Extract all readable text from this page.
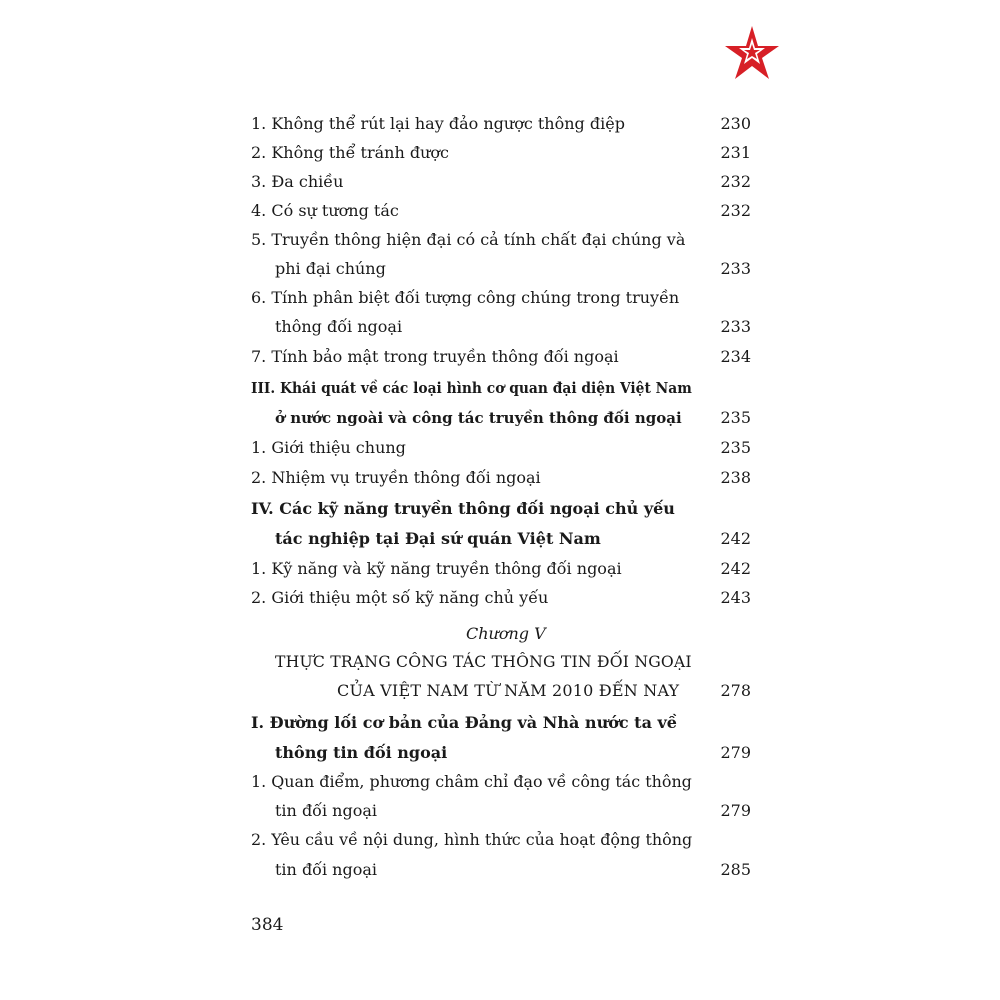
1. Không thể rút lại hay đảo ngược thông điệp	230
2. Không thể tránh được	231
3. Đa chiều	232
4. Có sự tương tác	232
5. Truyền thông hiện đại có cả tính chất đại chúng và
phi đại chúng	233
6. Tính phân biệt đối tượng công chúng trong truyền
thông đối ngoại	233
7. Tính bảo mật trong truyền thông đối ngoại	234
III. Khái quát về các loại hình cơ quan đại diện Việt Nam
ở nước ngoài và công tác truyền thông đối ngoại	235
1. Giới thiệu chung	235
2. Nhiệm vụ truyền thông đối ngoại	238
IV. Các kỹ năng truyền thông đối ngoại chủ yếu
tác nghiệp tại Đại sứ quán Việt Nam	242
1. Kỹ năng và kỹ năng truyền thông đối ngoại	242
2. Giới thiệu một số kỹ năng chủ yếu	243
Chương V
THỰC TRẠNG CÔNG TÁC THÔNG TIN ĐỐI NGOẠI
CỦA VIỆT NAM TỪ NĂM 2010 ĐẾN NAY	278
I. Đường lối cơ bản của Đảng và Nhà nước ta về
thông tin đối ngoại	279
1. Quan điểm, phương châm chỉ đạo về công tác thông
tin đối ngoại	279
2. Yêu cầu về nội dung, hình thức của hoạt động thông
tin đối ngoại	285
384
